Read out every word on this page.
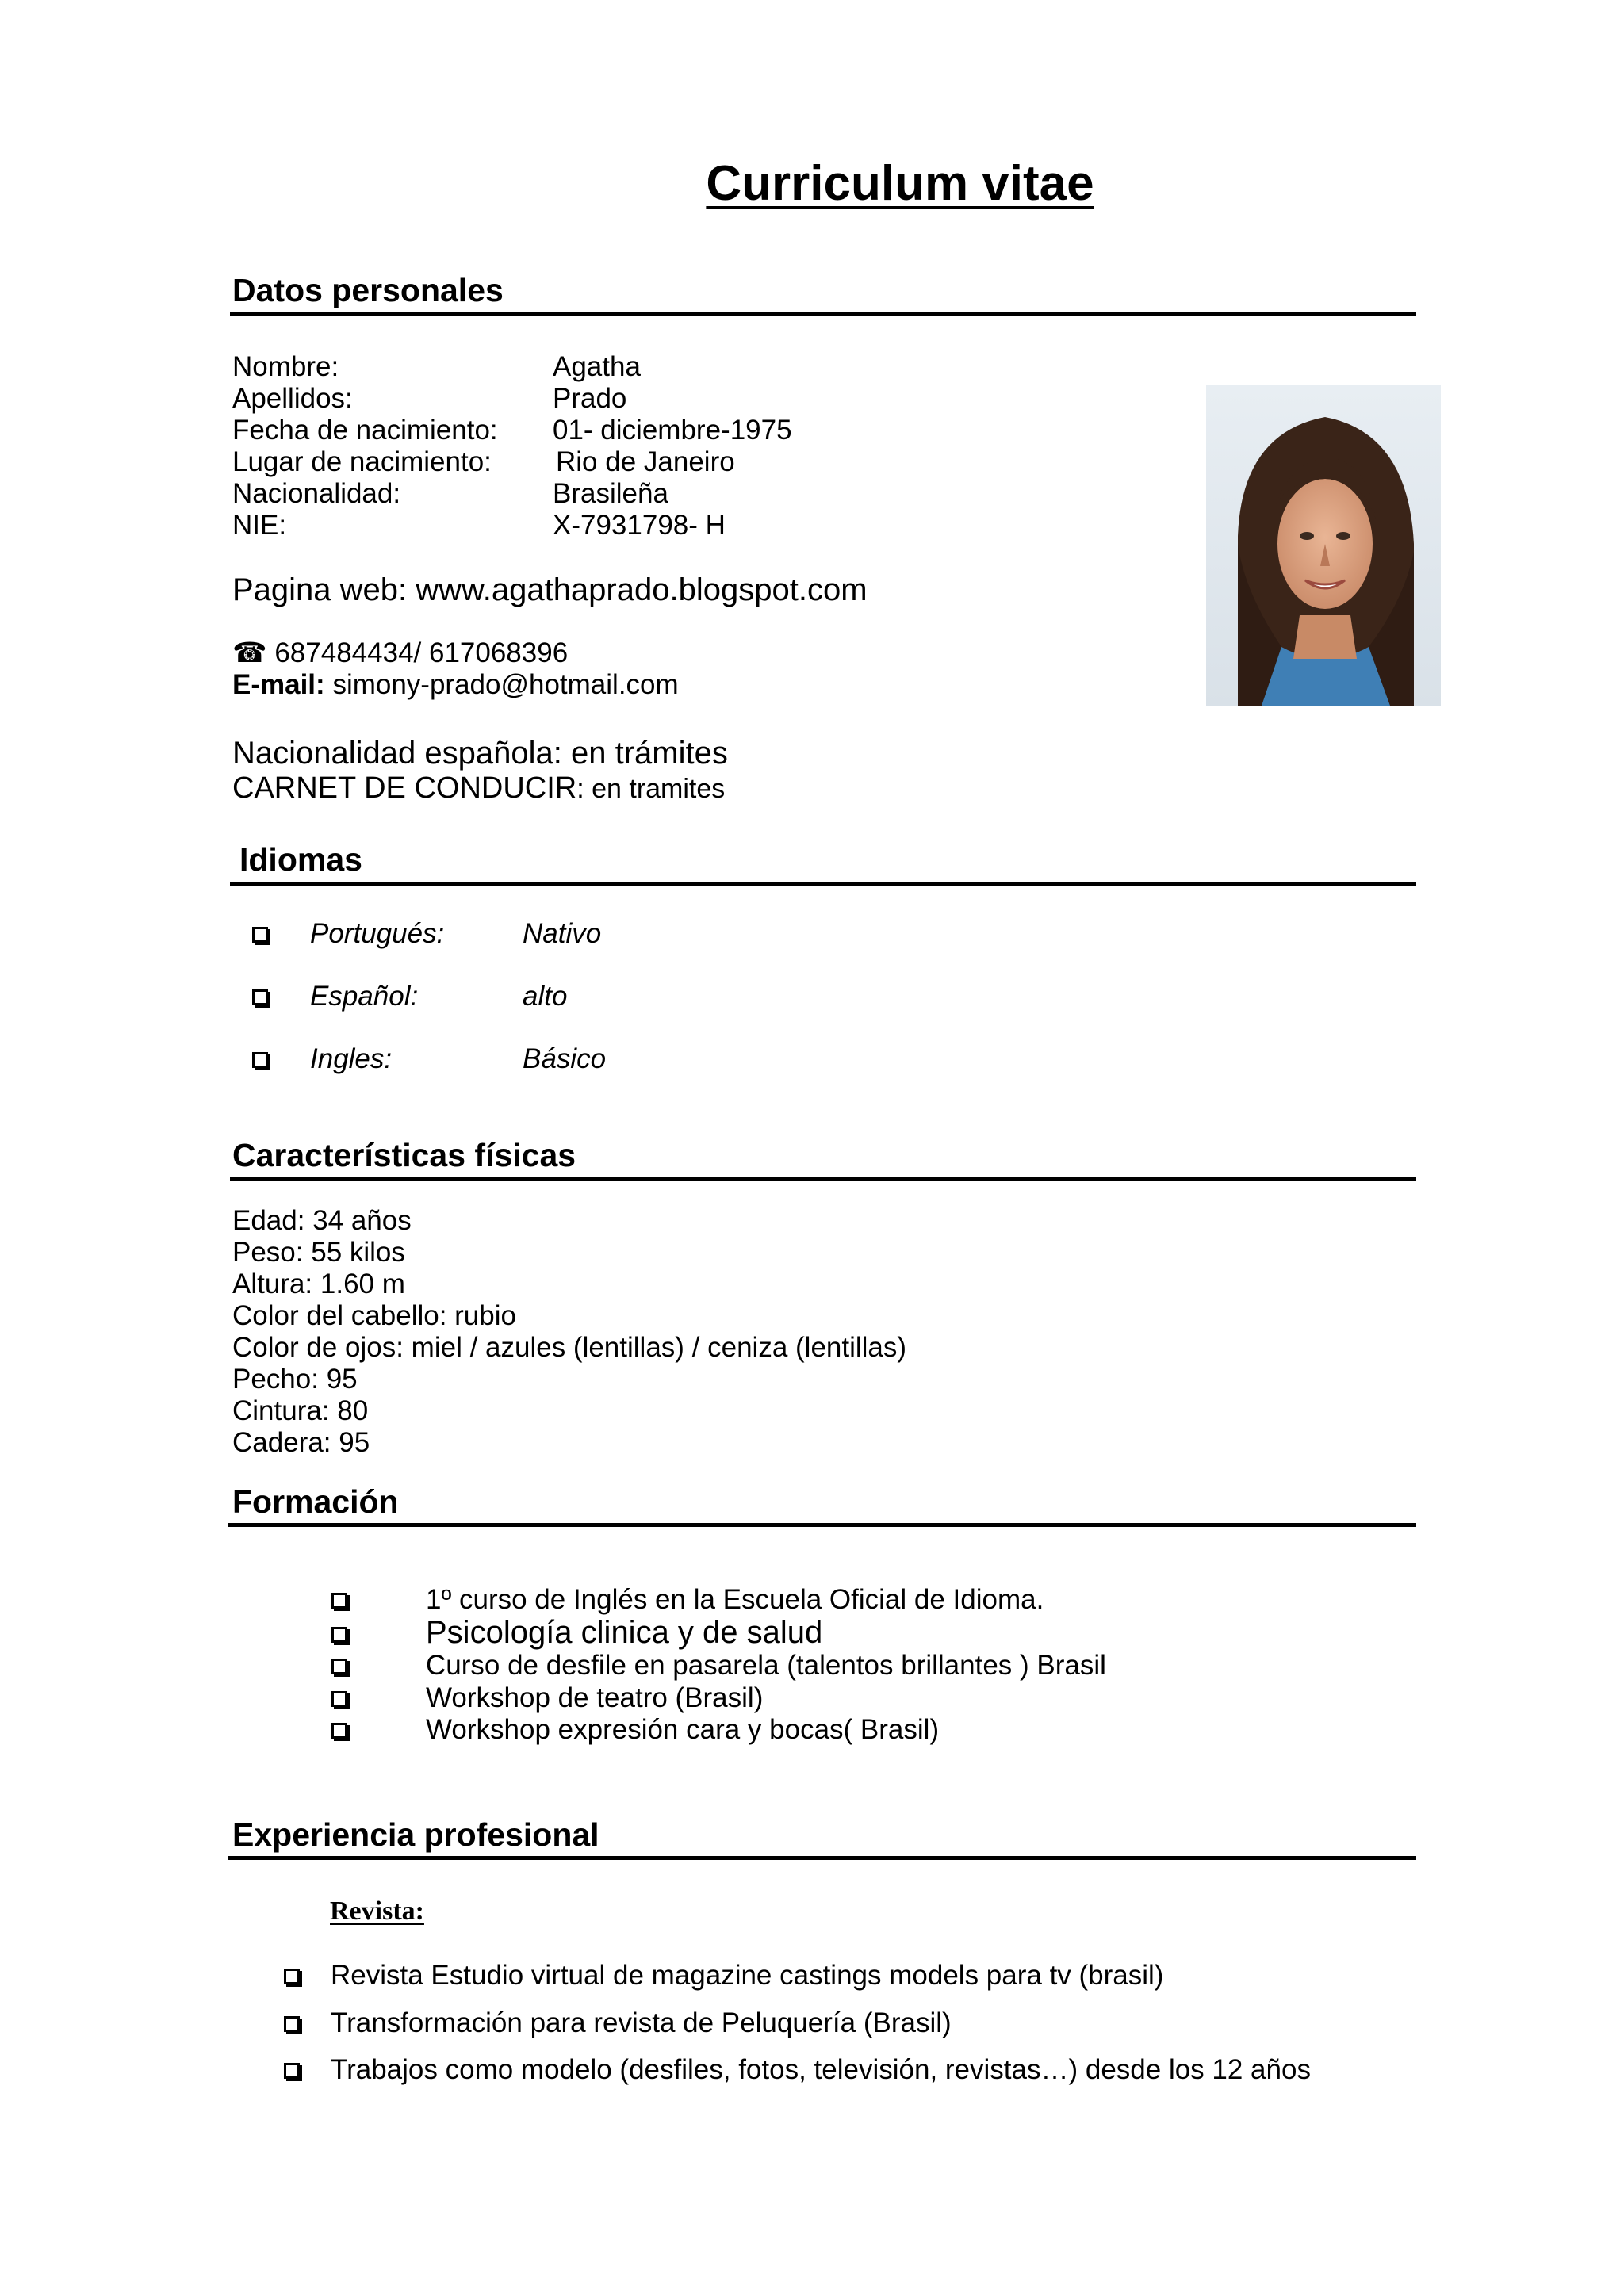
Curriculum vitae
Datos personales
Nombre:	Agatha
Apellidos:	Prado
Fecha de nacimiento: 01- diciembre-1975
Lugar de nacimiento: Rio de Janeiro
Nacionalidad:	Brasileña
NIE:	X-7931798- H
Pagina web: www.agathaprado.blogspot.com
☎ 687484434/ 617068396
E-mail: simony-prado@hotmail.com
Nacionalidad española: en trámites
CARNET DE CONDUCIR: en tramites
Idiomas
Portugués:	Nativo
Español:	alto
Ingles:	Básico
Características físicas
Edad: 34 años
Peso: 55 kilos
Altura: 1.60 m
Color del cabello: rubio
Color de ojos: miel / azules (lentillas) / ceniza (lentillas)
Pecho: 95
Cintura: 80
Cadera: 95
Formación
1º curso de Inglés en la Escuela Oficial de Idioma.
Psicología clinica y de salud
Curso de desfile en pasarela (talentos brillantes ) Brasil
Workshop de teatro (Brasil)
Workshop expresión cara y bocas( Brasil)
Experiencia profesional
Revista:
Revista Estudio virtual de magazine castings models para tv (brasil)
Transformación para revista de Peluquería (Brasil)
Trabajos como modelo (desfiles, fotos, televisión, revistas…) desde los 12 años
